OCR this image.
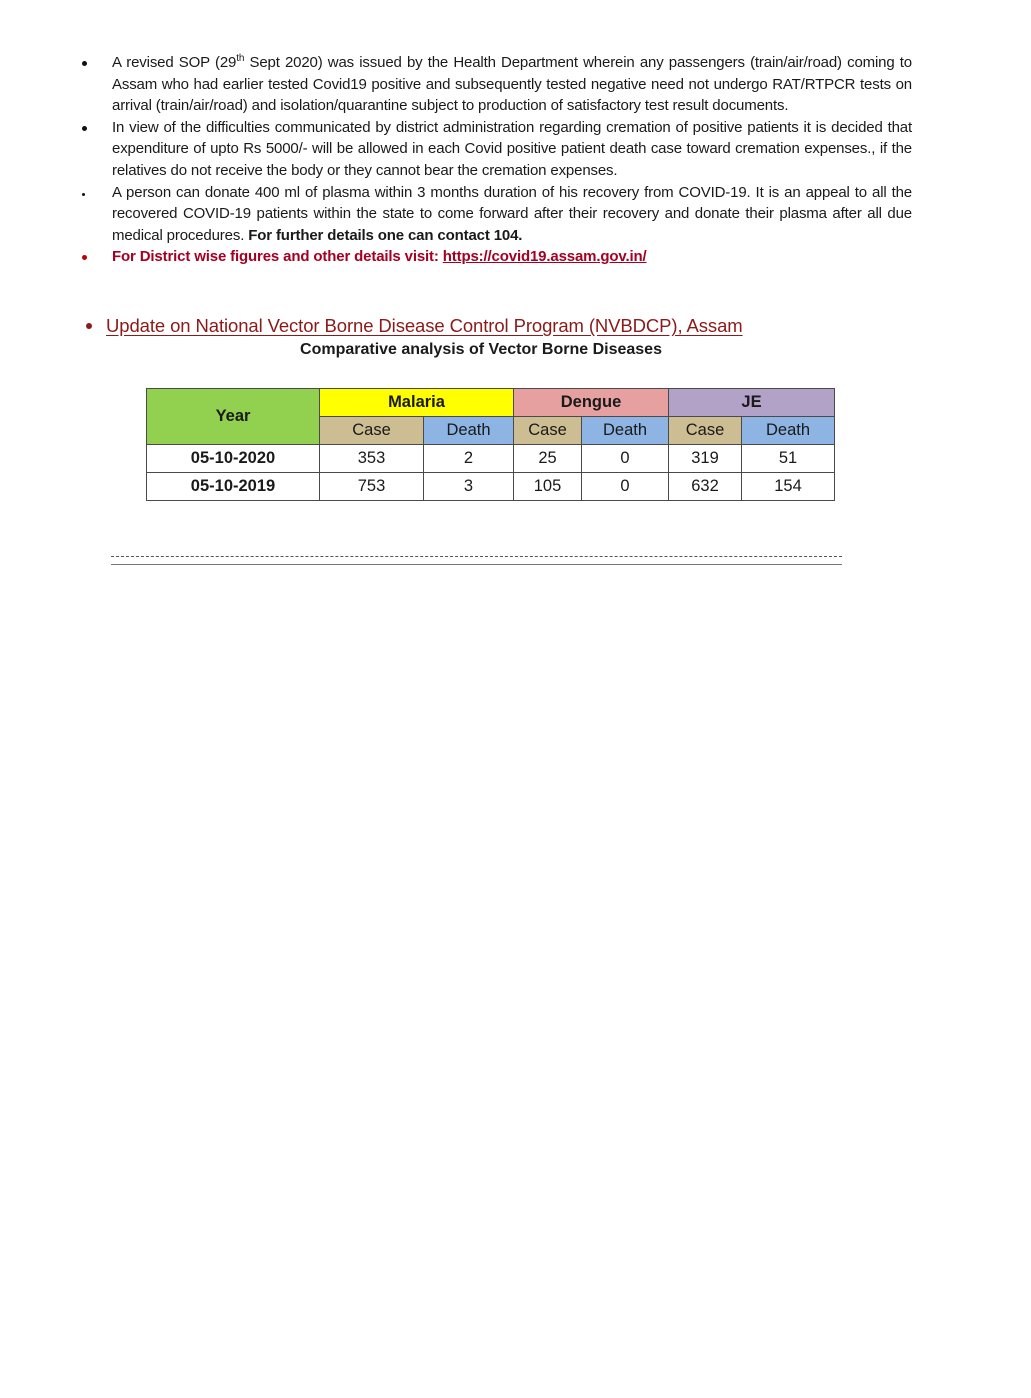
A revised SOP (29th Sept 2020) was issued by the Health Department wherein any passengers (train/air/road) coming to Assam who had earlier tested Covid19 positive and subsequently tested negative need not undergo RAT/RTPCR tests on arrival (train/air/road) and isolation/quarantine subject to production of satisfactory test result documents.
In view of the difficulties communicated by district administration regarding cremation of positive patients it is decided that expenditure of upto Rs 5000/- will be allowed in each Covid positive patient death case toward cremation expenses., if the relatives do not receive the body or they cannot bear the cremation expenses.
A person can donate 400 ml of plasma within 3 months duration of his recovery from COVID-19. It is an appeal to all the recovered COVID-19 patients within the state to come forward after their recovery and donate their plasma after all due medical procedures. For further details one can contact 104.
For District wise figures and other details visit: https://covid19.assam.gov.in/
Update on National Vector Borne Disease Control Program (NVBDCP), Assam
Comparative analysis of Vector Borne Diseases
Year	Malaria		Dengue		JE	
	Case	Death	Case	Death	Case	Death
05-10-2020	353	2	25	0	319	51
05-10-2019	753	3	105	0	632	154
